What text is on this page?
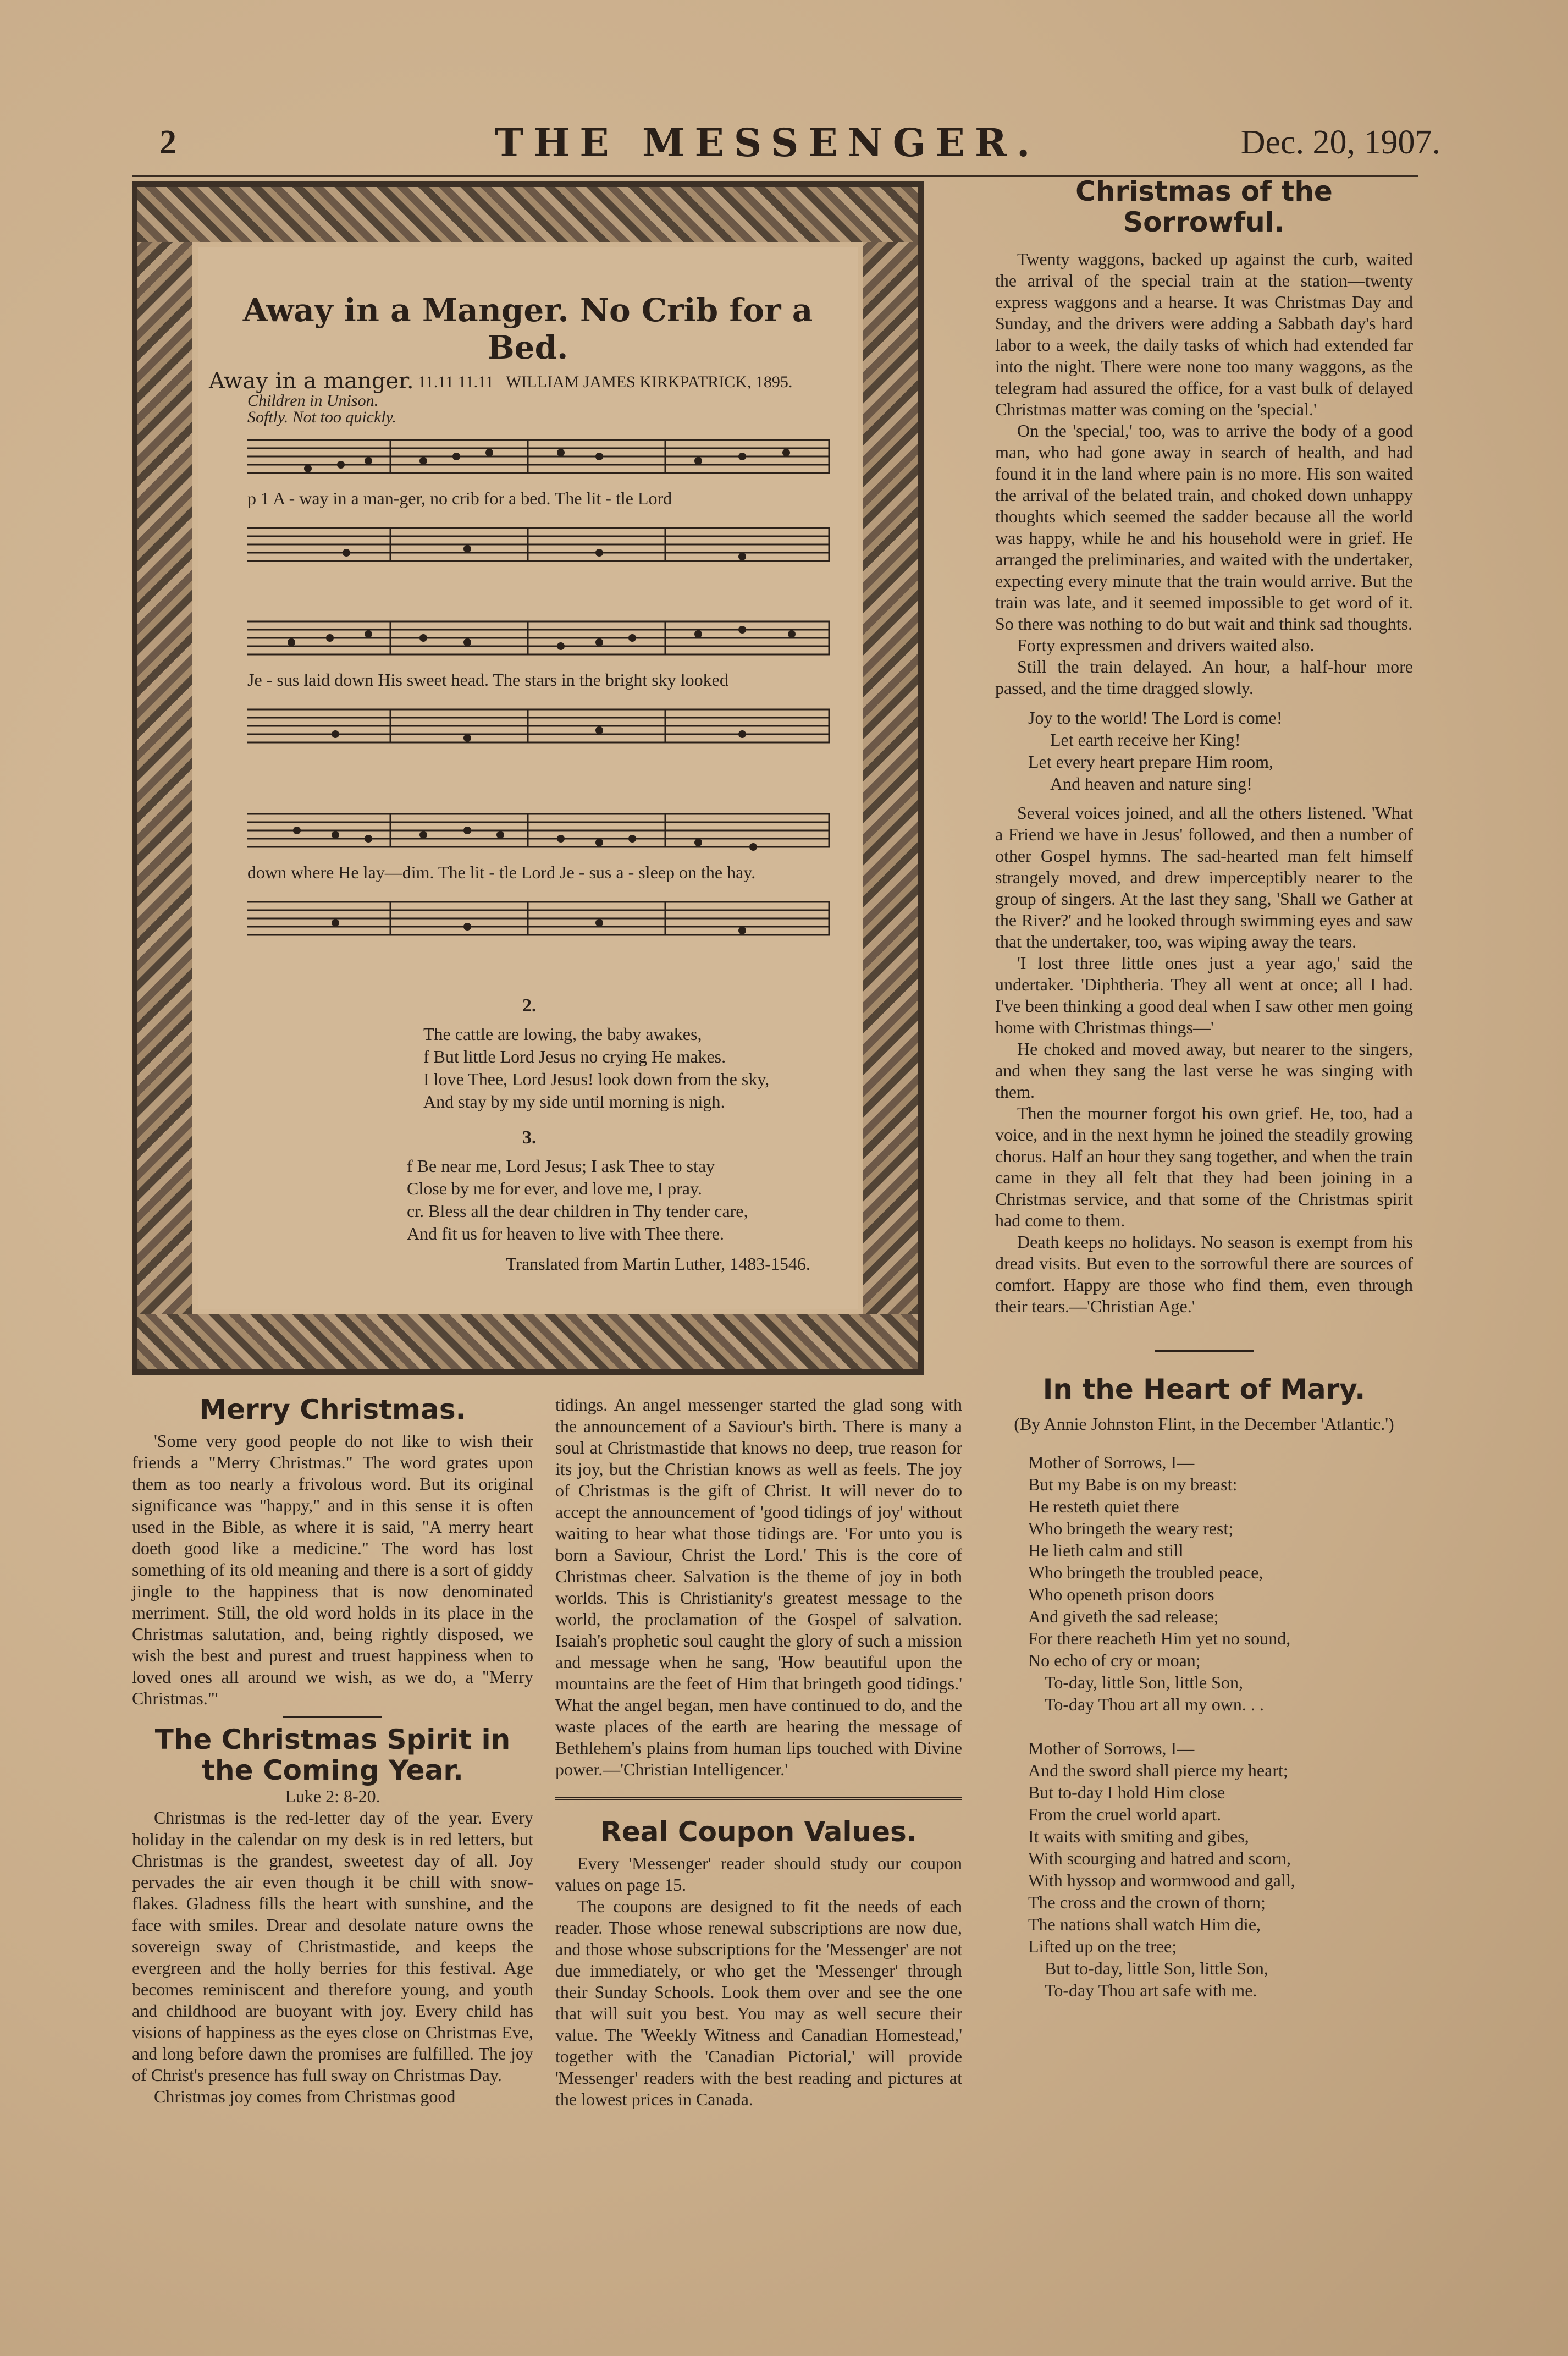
2	THE MESSENGER.	Dec. 20, 1907.
Away in a Manger. No Crib for a Bed.
Away in a manger. 11.11 11.11 WILLIAM JAMES KIRKPATRICK, 1895.
Children in Unison.
Softly. Not too quickly.
p 1 A - way in a man-ger, no crib for a bed. The lit - tle Lord
Je - sus laid down His sweet head. The stars in the bright sky looked
down where He lay—dim. The lit - tle Lord Je - sus a - sleep on the hay.
2.
The cattle are lowing, the baby awakes,
f But little Lord Jesus no crying He makes.
I love Thee, Lord Jesus! look down from the sky,
And stay by my side until morning is nigh.
3.
f Be near me, Lord Jesus; I ask Thee to stay
Close by me for ever, and love me, I pray.
cr. Bless all the dear children in Thy tender care,
And fit us for heaven to live with Thee there.
Translated from Martin Luther, 1483-1546.
Merry Christmas.

'Some very good people do not like to wish their friends a "Merry Christmas." The word grates upon them as too nearly a frivolous word. But its original significance was "happy," and in this sense it is often used in the Bible, as where it is said, "A merry heart doeth good like a medicine." The word has lost something of its old meaning and there is a sort of giddy jingle to the happiness that is now denominated merriment. Still, the old word holds in its place in the Christmas salutation, and, being rightly disposed, we wish the best and purest and truest happiness when to loved ones all around we wish, as we do, a "Merry Christmas."'

The Christmas Spirit in the Coming Year.
Luke 2: 8-20.

Christmas is the red-letter day of the year. Every holiday in the calendar on my desk is in red letters, but Christmas is the grandest, sweetest day of all. Joy pervades the air even though it be chill with snow-flakes. Gladness fills the heart with sunshine, and the face with smiles. Drear and desolate nature owns the sovereign sway of Christmastide, and keeps the evergreen and the holly berries for this festival. Age becomes reminiscent and therefore young, and youth and childhood are buoyant with joy. Every child has visions of happiness as the eyes close on Christmas Eve, and long before dawn the promises are fulfilled. The joy of Christ's presence has full sway on Christmas Day.

Christmas joy comes from Christmas good

tidings. An angel messenger started the glad song with the announcement of a Saviour's birth. There is many a soul at Christmastide that knows no deep, true reason for its joy, but the Christian knows as well as feels. The joy of Christmas is the gift of Christ. It will never do to accept the announcement of 'good tidings of joy' without waiting to hear what those tidings are. 'For unto you is born a Saviour, Christ the Lord.' This is the core of Christmas cheer. Salvation is the theme of joy in both worlds. This is Christianity's greatest message to the world, the proclamation of the Gospel of salvation. Isaiah's prophetic soul caught the glory of such a mission and message when he sang, 'How beautiful upon the mountains are the feet of Him that bringeth good tidings.' What the angel began, men have continued to do, and the waste places of the earth are hearing the message of Bethlehem's plains from human lips touched with Divine power.—'Christian Intelligencer.'

Real Coupon Values.

Every 'Messenger' reader should study our coupon values on page 15.

The coupons are designed to fit the needs of each reader. Those whose renewal subscriptions are now due, and those whose subscriptions for the 'Messenger' are not due immediately, or who get the 'Messenger' through their Sunday Schools. Look them over and see the one that will suit you best. You may as well secure their value. The 'Weekly Witness and Canadian Homestead,' together with the 'Canadian Pictorial,' will provide 'Messenger' readers with the best reading and pictures at the lowest prices in Canada.

Christmas of the Sorrowful.

Twenty waggons, backed up against the curb, waited the arrival of the special train at the station—twenty express waggons and a hearse. It was Christmas Day and Sunday, and the drivers were adding a Sabbath day's hard labor to a week, the daily tasks of which had extended far into the night. There were none too many waggons, as the telegram had assured the office, for a vast bulk of delayed Christmas matter was coming on the 'special.'

On the 'special,' too, was to arrive the body of a good man, who had gone away in search of health, and had found it in the land where pain is no more. His son waited the arrival of the belated train, and choked down unhappy thoughts which seemed the sadder because all the world was happy, while he and his household were in grief. He arranged the preliminaries, and waited with the undertaker, expecting every minute that the train would arrive. But the train was late, and it seemed impossible to get word of it. So there was nothing to do but wait and think sad thoughts.

Forty expressmen and drivers waited also.

Still the train delayed. An hour, a half-hour more passed, and the time dragged slowly.

Joy to the world! The Lord is come!
Let earth receive her King!
Let every heart prepare Him room,
And heaven and nature sing!

Several voices joined, and all the others listened. 'What a Friend we have in Jesus' followed, and then a number of other Gospel hymns. The sad-hearted man felt himself strangely moved, and drew imperceptibly nearer to the group of singers. At the last they sang, 'Shall we Gather at the River?' and he looked through swimming eyes and saw that the undertaker, too, was wiping away the tears.

'I lost three little ones just a year ago,' said the undertaker. 'Diphtheria. They all went at once; all I had. I've been thinking a good deal when I saw other men going home with Christmas things—'

He choked and moved away, but nearer to the singers, and when they sang the last verse he was singing with them.

Then the mourner forgot his own grief. He, too, had a voice, and in the next hymn he joined the steadily growing chorus. Half an hour they sang together, and when the train came in they all felt that they had been joining in a Christmas service, and that some of the Christmas spirit had come to them.

Death keeps no holidays. No season is exempt from his dread visits. But even to the sorrowful there are sources of comfort. Happy are those who find them, even through their tears.—'Christian Age.'

In the Heart of Mary.
(By Annie Johnston Flint, in the December 'Atlantic.')
Mother of Sorrows, I—
But my Babe is on my breast:
He resteth quiet there
Who bringeth the weary rest;
He lieth calm and still
Who bringeth the troubled peace,
Who openeth prison doors
And giveth the sad release;
For there reacheth Him yet no sound,
No echo of cry or moan;
To-day, little Son, little Son,
To-day Thou art all my own. . .
Mother of Sorrows, I—
And the sword shall pierce my heart;
But to-day I hold Him close
From the cruel world apart.
It waits with smiting and gibes,
With scourging and hatred and scorn,
With hyssop and wormwood and gall,
The cross and the crown of thorn;
The nations shall watch Him die,
Lifted up on the tree;
But to-day, little Son, little Son,
To-day Thou art safe with me.
